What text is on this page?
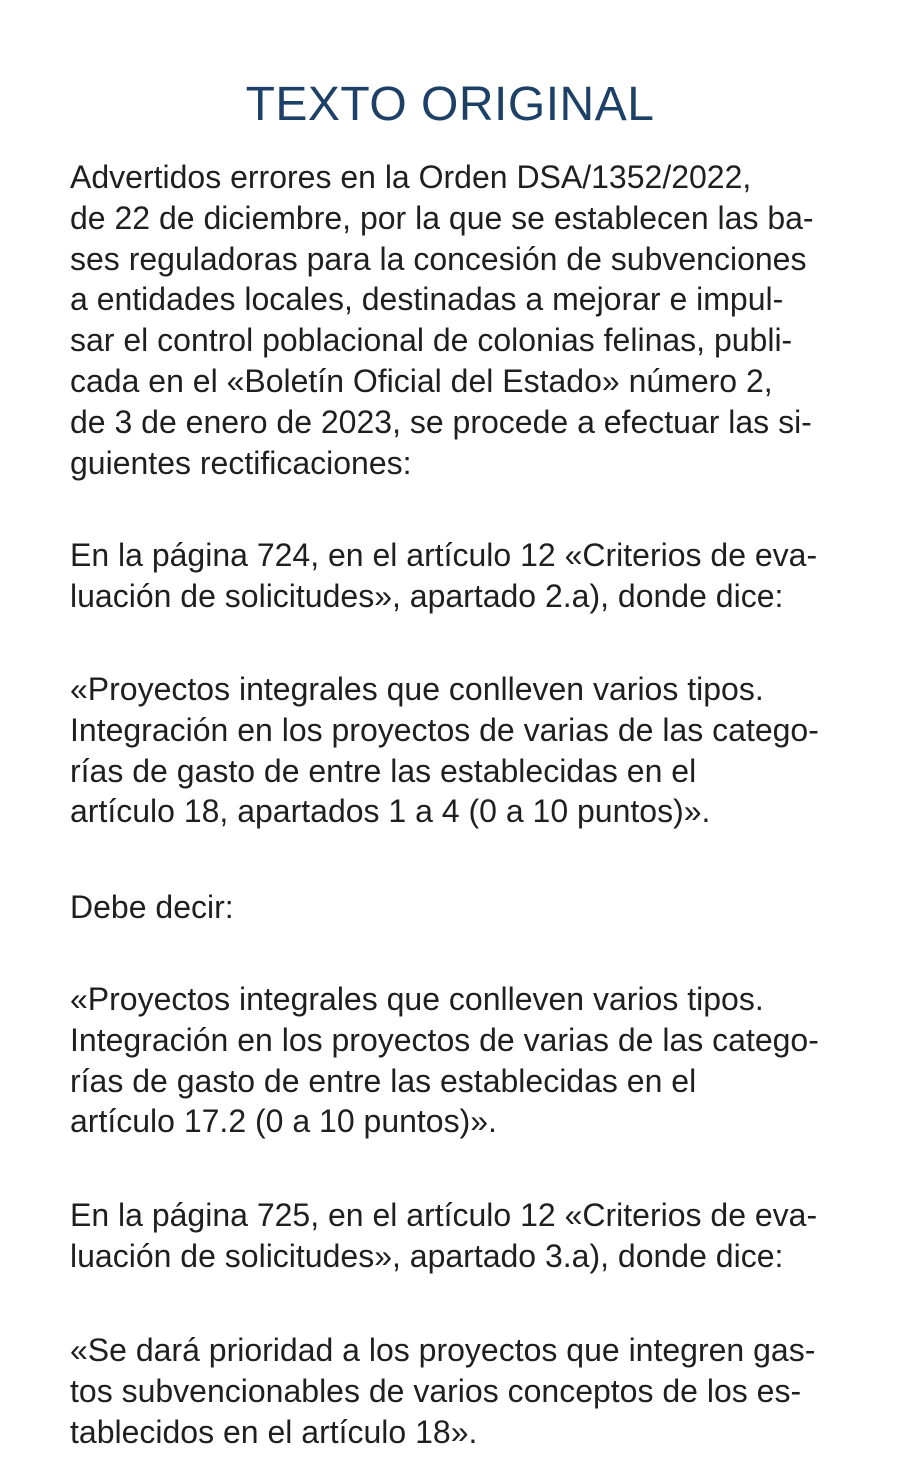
TEXTO ORIGINAL
Advertidos errores en la Orden DSA/1352/2022,
de 22 de diciembre, por la que se establecen las ba-
ses reguladoras para la concesión de subvenciones
a entidades locales, destinadas a mejorar e impul-
sar el control poblacional de colonias felinas, publi-
cada en el «Boletín Oficial del Estado» número 2,
de 3 de enero de 2023, se procede a efectuar las si-
guientes rectificaciones:
En la página 724, en el artículo 12 «Criterios de eva-
luación de solicitudes», apartado 2.a), donde dice:
«Proyectos integrales que conlleven varios tipos.
Integración en los proyectos de varias de las catego-
rías de gasto de entre las establecidas en el
artículo 18, apartados 1 a 4 (0 a 10 puntos)».
Debe decir:
«Proyectos integrales que conlleven varios tipos.
Integración en los proyectos de varias de las catego-
rías de gasto de entre las establecidas en el
artículo 17.2 (0 a 10 puntos)».
En la página 725, en el artículo 12 «Criterios de eva-
luación de solicitudes», apartado 3.a), donde dice:
«Se dará prioridad a los proyectos que integren gas-
tos subvencionables de varios conceptos de los es-
tablecidos en el artículo 18».
